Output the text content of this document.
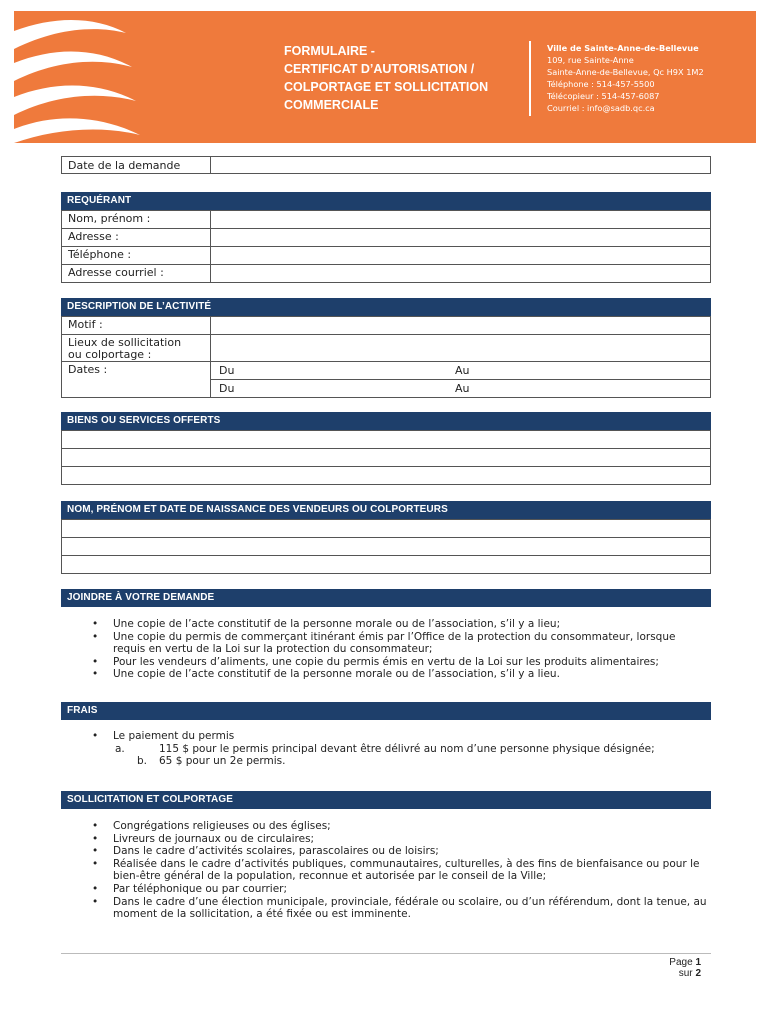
FORMULAIRE -
CERTIFICAT D’AUTORISATION /
COLPORTAGE ET SOLLICITATION
COMMERCIALE
Ville de Sainte-Anne-de-Bellevue
109, rue Sainte-Anne
Sainte-Anne-de-Bellevue, Qc H9X 1M2
Téléphone : 514-457-5500
Télécopieur : 514-457-6087
Courriel : info@sadb.qc.ca
Date de la demande
REQUÉRANT
Nom, prénom :
Adresse :
Téléphone :
Adresse courriel :
DESCRIPTION DE L’ACTIVITÉ
Motif :
Lieux de sollicitation
ou colportage :
Dates :	Du	Au
Du	Au
BIENS OU SERVICES OFFERTS
NOM, PRÉNOM ET DATE DE NAISSANCE DES VENDEURS OU COLPORTEURS
JOINDRE À VOTRE DEMANDE
• Une copie de l’acte constitutif de la personne morale ou de l’association, s’il y a lieu;
• Une copie du permis de commerçant itinérant émis par l’Office de la protection du consommateur, lorsque requis en vertu de la Loi sur la protection du consommateur;
• Pour les vendeurs d’aliments, une copie du permis émis en vertu de la Loi sur les produits alimentaires;
• Une copie de l’acte constitutif de la personne morale ou de l’association, s’il y a lieu.
FRAIS
• Le paiement du permis
a.	115 $ pour le permis principal devant être délivré au nom d’une personne physique désignée;
b. 65 $ pour un 2e permis.
SOLLICITATION ET COLPORTAGE
• Congrégations religieuses ou des églises;
• Livreurs de journaux ou de circulaires;
• Dans le cadre d’activités scolaires, parascolaires ou de loisirs;
• Réalisée dans le cadre d’activités publiques, communautaires, culturelles, à des fins de bienfaisance ou pour le bien-être général de la population, reconnue et autorisée par le conseil de la Ville;
• Par téléphonique ou par courrier;
• Dans le cadre d’une élection municipale, provinciale, fédérale ou scolaire, ou d’un référendum, dont la tenue, au moment de la sollicitation, a été fixée ou est imminente.
Page 1
sur 2
